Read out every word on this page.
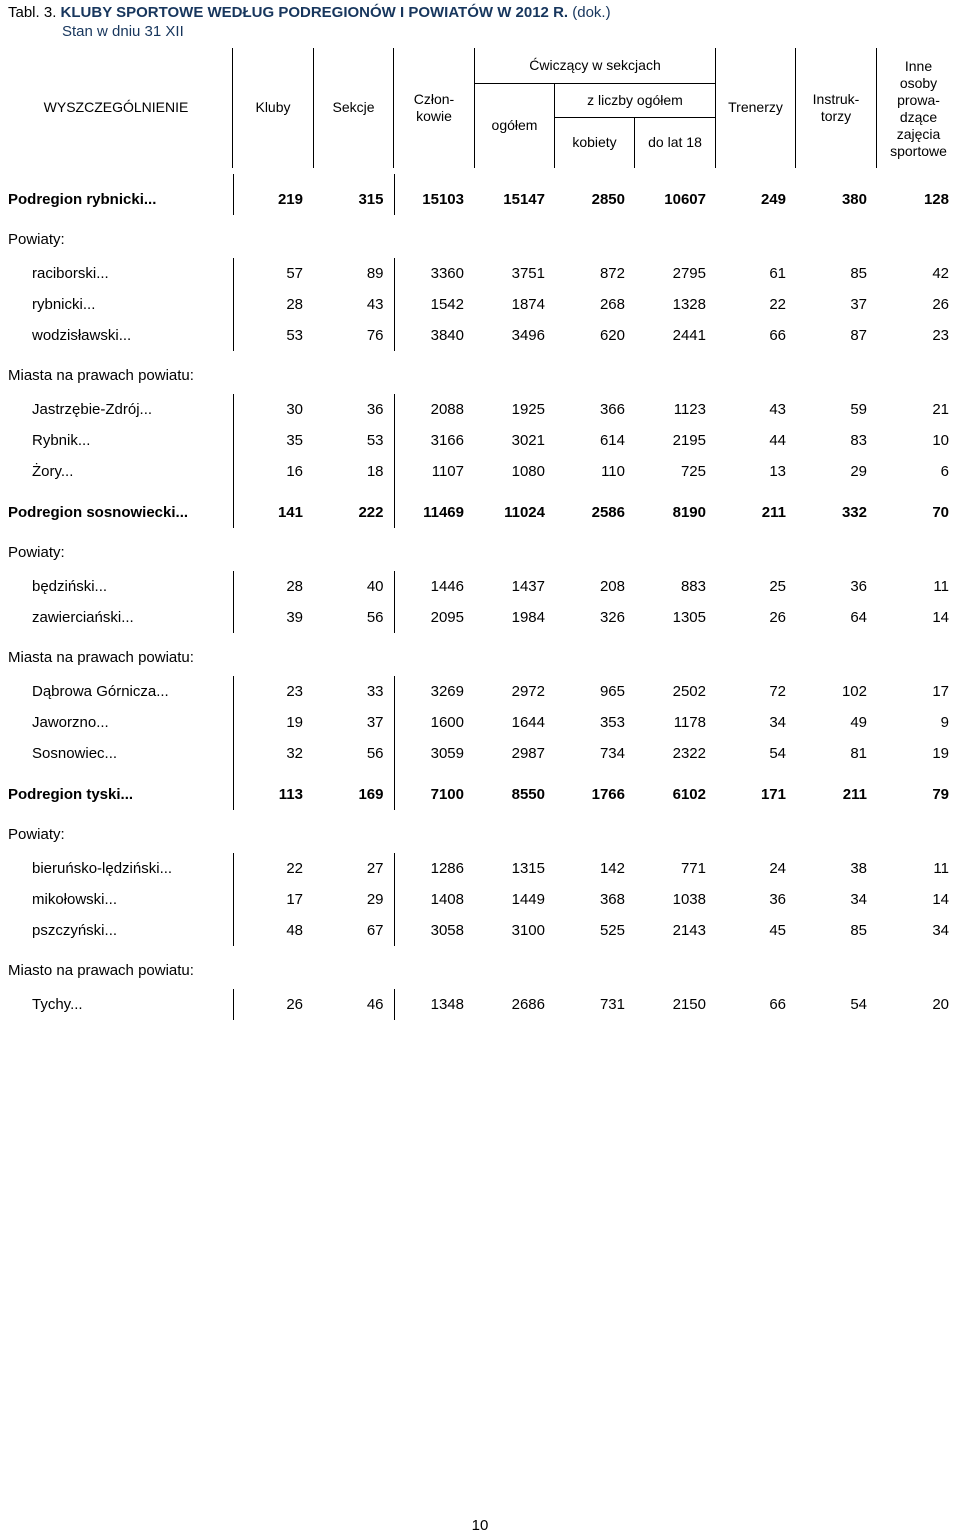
Tabl. 3. KLUBY SPORTOWE WEDŁUG PODREGIONÓW I POWIATÓW W 2012 R. (dok.)
Stan w dniu 31 XII
WYSZCZEGÓLNIENIE	Kluby	Sekcje	Człon-
kowie
Ćwiczący w sekcjach
ogółem
z liczby ogółem
kobiety	do lat 18
Trenerzy	Instruk-
torzy
Inne
osoby
prowa-
dzące
zajęcia
sportowe
Podregion rybnicki...	219	315	15103	15147	2850	10607	249	380	128
Powiaty:									
raciborski...	57	89	3360	3751	872	2795	61	85	42
rybnicki...	28	43	1542	1874	268	1328	22	37	26
wodzisławski...	53	76	3840	3496	620	2441	66	87	23
Miasta na prawach powiatu:									
Jastrzębie-Zdrój...	30	36	2088	1925	366	1123	43	59	21
Rybnik...	35	53	3166	3021	614	2195	44	83	10
Żory...	16	18	1107	1080	110	725	13	29	6
Podregion sosnowiecki...	141	222	11469	11024	2586	8190	211	332	70
Powiaty:									
będziński...	28	40	1446	1437	208	883	25	36	11
zawierciański...	39	56	2095	1984	326	1305	26	64	14
Miasta na prawach powiatu:									
Dąbrowa Górnicza...	23	33	3269	2972	965	2502	72	102	17
Jaworzno...	19	37	1600	1644	353	1178	34	49	9
Sosnowiec...	32	56	3059	2987	734	2322	54	81	19
Podregion tyski...	113	169	7100	8550	1766	6102	171	211	79
Powiaty:									
bieruńsko-lędziński...	22	27	1286	1315	142	771	24	38	11
mikołowski...	17	29	1408	1449	368	1038	36	34	14
pszczyński...	48	67	3058	3100	525	2143	45	85	34
Miasto na prawach powiatu:									
Tychy...	26	46	1348	2686	731	2150	66	54	20
10
